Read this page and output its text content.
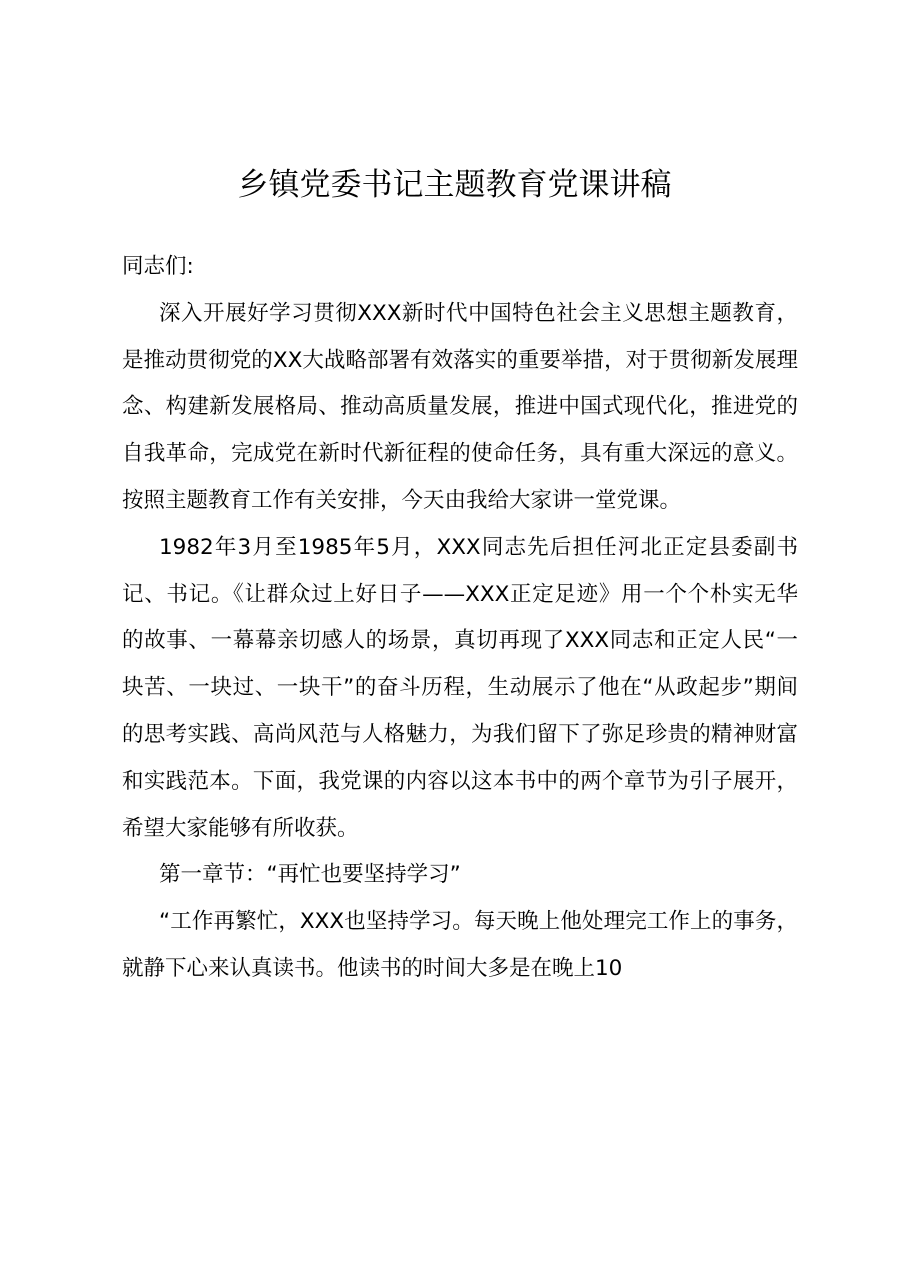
乡镇党委书记主题教育党课讲稿

同志们:

深入开展好学习贯彻XXX新时代中国特色社会主义思想主题教育，是推动贯彻党的XX大战略部署有效落实的重要举措，对于贯彻新发展理念、构建新发展格局、推动高质量发展，推进中国式现代化，推进党的自我革命，完成党在新时代新征程的使命任务，具有重大深远的意义。按照主题教育工作有关安排，今天由我给大家讲一堂党课。

1982年3月至1985年5月，XXX同志先后担任河北正定县委副书记、书记。《让群众过上好日子——XXX正定足迹》用一个个朴实无华的故事、一幕幕亲切感人的场景，真切再现了XXX同志和正定人民“一块苦、一块过、一块干”的奋斗历程，生动展示了他在“从政起步”期间的思考实践、高尚风范与人格魅力，为我们留下了弥足珍贵的精神财富和实践范本。下面，我党课的内容以这本书中的两个章节为引子展开，希望大家能够有所收获。

第一章节：“再忙也要坚持学习”

“工作再繁忙，XXX也坚持学习。每天晚上他处理完工作上的事务，就静下心来认真读书。他读书的时间大多是在晚上10
